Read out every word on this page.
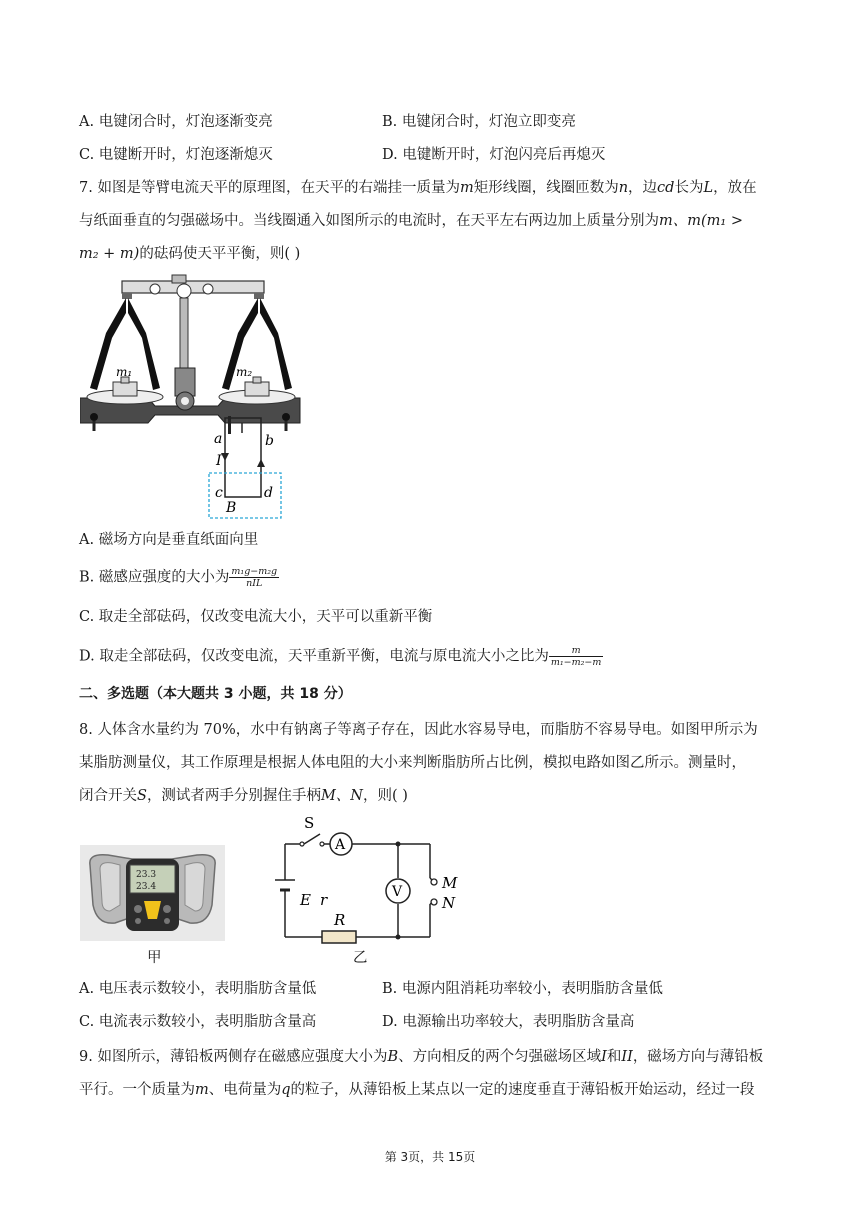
A. 电键闭合时，灯泡逐渐变亮	B. 电键闭合时，灯泡立即变亮
C. 电键断开时，灯泡逐渐熄灭	D. 电键断开时，灯泡闪亮后再熄灭
7. 如图是等臂电流天平的原理图，在天平的右端挂一质量为m矩形线圈，线圈匝数为n，边cd长为L，放在
与纸面垂直的匀强磁场中。当线圈通入如图所示的电流时，在天平左右两边加上质量分别为m、m(m₁ >
m₂ + m)的砝码使天平平衡，则( )
m₁	m₂
a	b
I
c	d
B
A. 磁场方向是垂直纸面向里
B. 磁感应强度的大小为 $\frac{\text{m₁g−m₂g}}{\text{nIL}}$
C. 取走全部砝码，仅改变电流大小，天平可以重新平衡
D. 取走全部砝码，仅改变电流，天平重新平衡，电流与原电流大小之比为 $\frac{m}{\text{m₁−m₂−m}}$
二、多选题（本大题共 3 小题，共 18 分）
8. 人体含水量约为 70%，水中有钠离子等离子存在，因此水容易导电，而脂肪不容易导电。如图甲所示为
某脂肪测量仪，其工作原理是根据人体电阻的大小来判断脂肪所占比例，模拟电路如图乙所示。测量时，
闭合开关S，测试者两手分别握住手柄M、N，则( )
23.3
23.4
甲
A
V
S
E r
R
M
N
乙
A. 电压表示数较小，表明脂肪含量低	B. 电源内阻消耗功率较小，表明脂肪含量低
C. 电流表示数较小，表明脂肪含量高	D. 电源输出功率较大，表明脂肪含量高
9. 如图所示，薄铅板两侧存在磁感应强度大小为B、方向相反的两个匀强磁场区域I和II，磁场方向与薄铅板
平行。一个质量为m、电荷量为q的粒子，从薄铅板上某点以一定的速度垂直于薄铅板开始运动，经过一段
第 3页，共 15页
